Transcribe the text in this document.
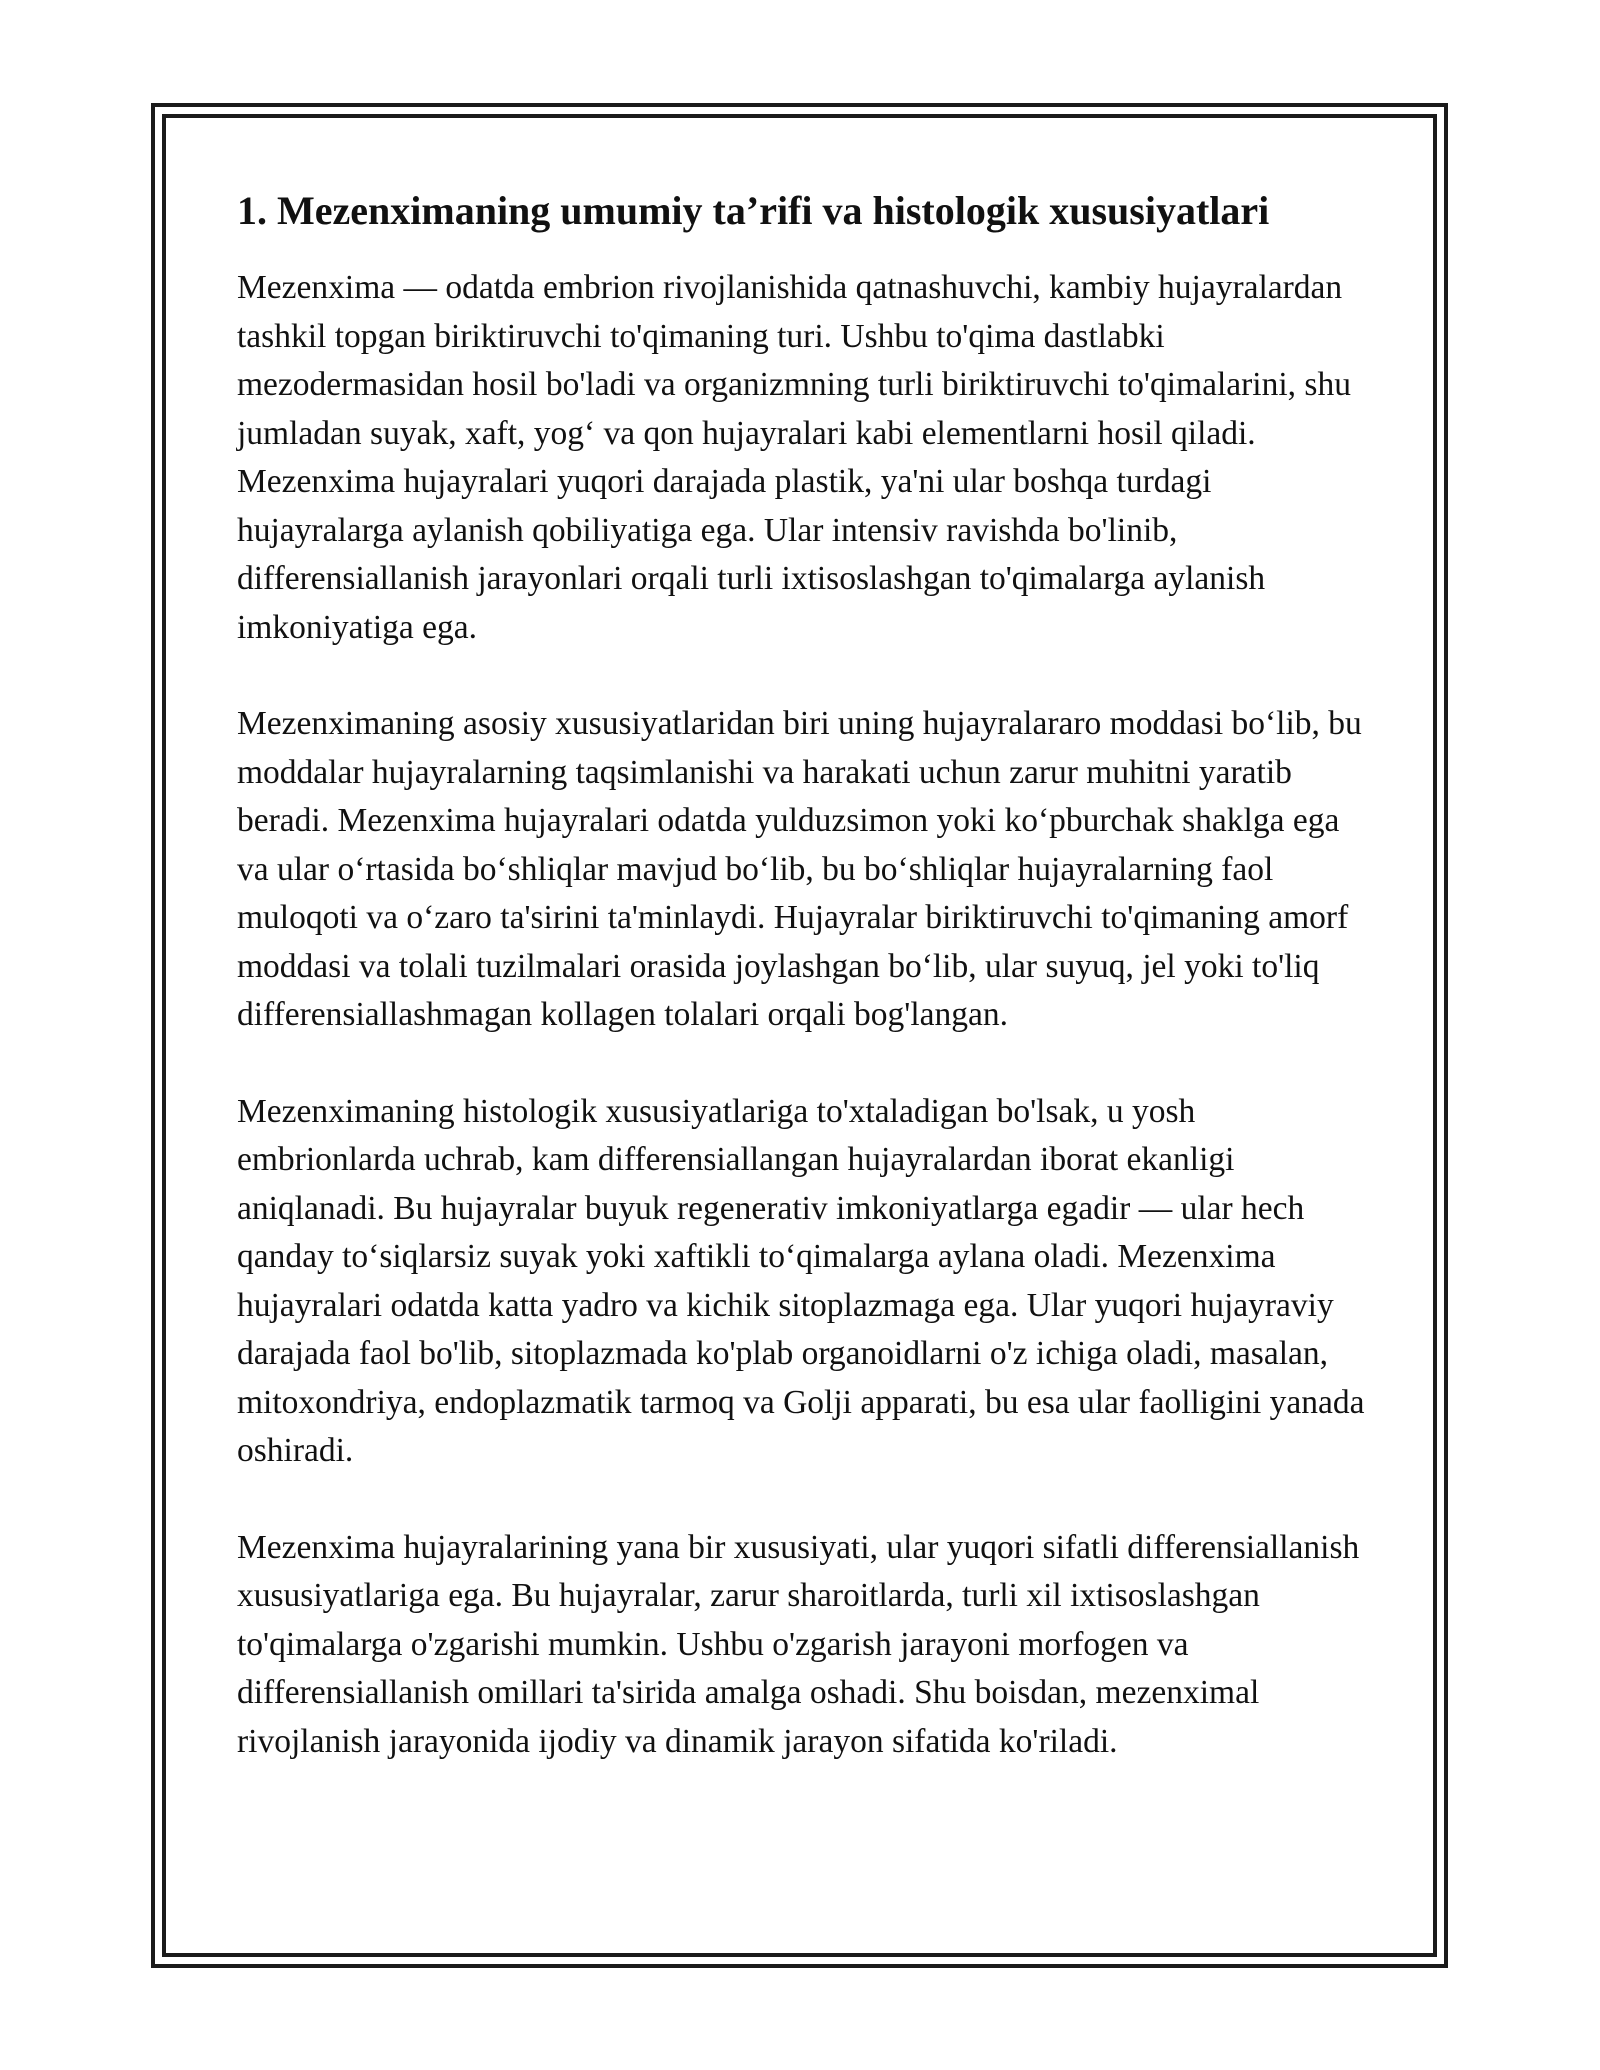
1. Mezenximaning umumiy ta’rifi va histologik xususiyatlari

Mezenxima — odatda embrion rivojlanishida qatnashuvchi, kambiy hujayralardan tashkil topgan biriktiruvchi to'qimaning turi. Ushbu to'qima dastlabki mezodermasidan hosil bo'ladi va organizmning turli biriktiruvchi to'qimalarini, shu jumladan suyak, xaft, yog‘ va qon hujayralari kabi elementlarni hosil qiladi. Mezenxima hujayralari yuqori darajada plastik, ya'ni ular boshqa turdagi hujayralarga aylanish qobiliyatiga ega. Ular intensiv ravishda bo'linib, differensiallanish jarayonlari orqali turli ixtisoslashgan to'qimalarga aylanish imkoniyatiga ega.

Mezenximaning asosiy xususiyatlaridan biri uning hujayralararo moddasi bo‘lib, bu moddalar hujayralarning taqsimlanishi va harakati uchun zarur muhitni yaratib beradi. Mezenxima hujayralari odatda yulduzsimon yoki ko‘pburchak shaklga ega va ular o‘rtasida bo‘shliqlar mavjud bo‘lib, bu bo‘shliqlar hujayralarning faol muloqoti va o‘zaro ta'sirini ta'minlaydi. Hujayralar biriktiruvchi to'qimaning amorf moddasi va tolali tuzilmalari orasida joylashgan bo‘lib, ular suyuq, jel yoki to'liq differensiallashmagan kollagen tolalari orqali bog'langan.

Mezenximaning histologik xususiyatlariga to'xtaladigan bo'lsak, u yosh embrionlarda uchrab, kam differensiallangan hujayralardan iborat ekanligi aniqlanadi. Bu hujayralar buyuk regenerativ imkoniyatlarga egadir — ular hech qanday to‘siqlarsiz suyak yoki xaftikli to‘qimalarga aylana oladi. Mezenxima hujayralari odatda katta yadro va kichik sitoplazmaga ega. Ular yuqori hujayraviy darajada faol bo'lib, sitoplazmada ko'plab organoidlarni o'z ichiga oladi, masalan, mitoxondriya, endoplazmatik tarmoq va Golji apparati, bu esa ular faolligini yanada oshiradi.

Mezenxima hujayralarining yana bir xususiyati, ular yuqori sifatli differensiallanish xususiyatlariga ega. Bu hujayralar, zarur sharoitlarda, turli xil ixtisoslashgan to'qimalarga o'zgarishi mumkin. Ushbu o'zgarish jarayoni morfogen va differensiallanish omillari ta'sirida amalga oshadi. Shu boisdan, mezenximal rivojlanish jarayonida ijodiy va dinamik jarayon sifatida ko'riladi.
